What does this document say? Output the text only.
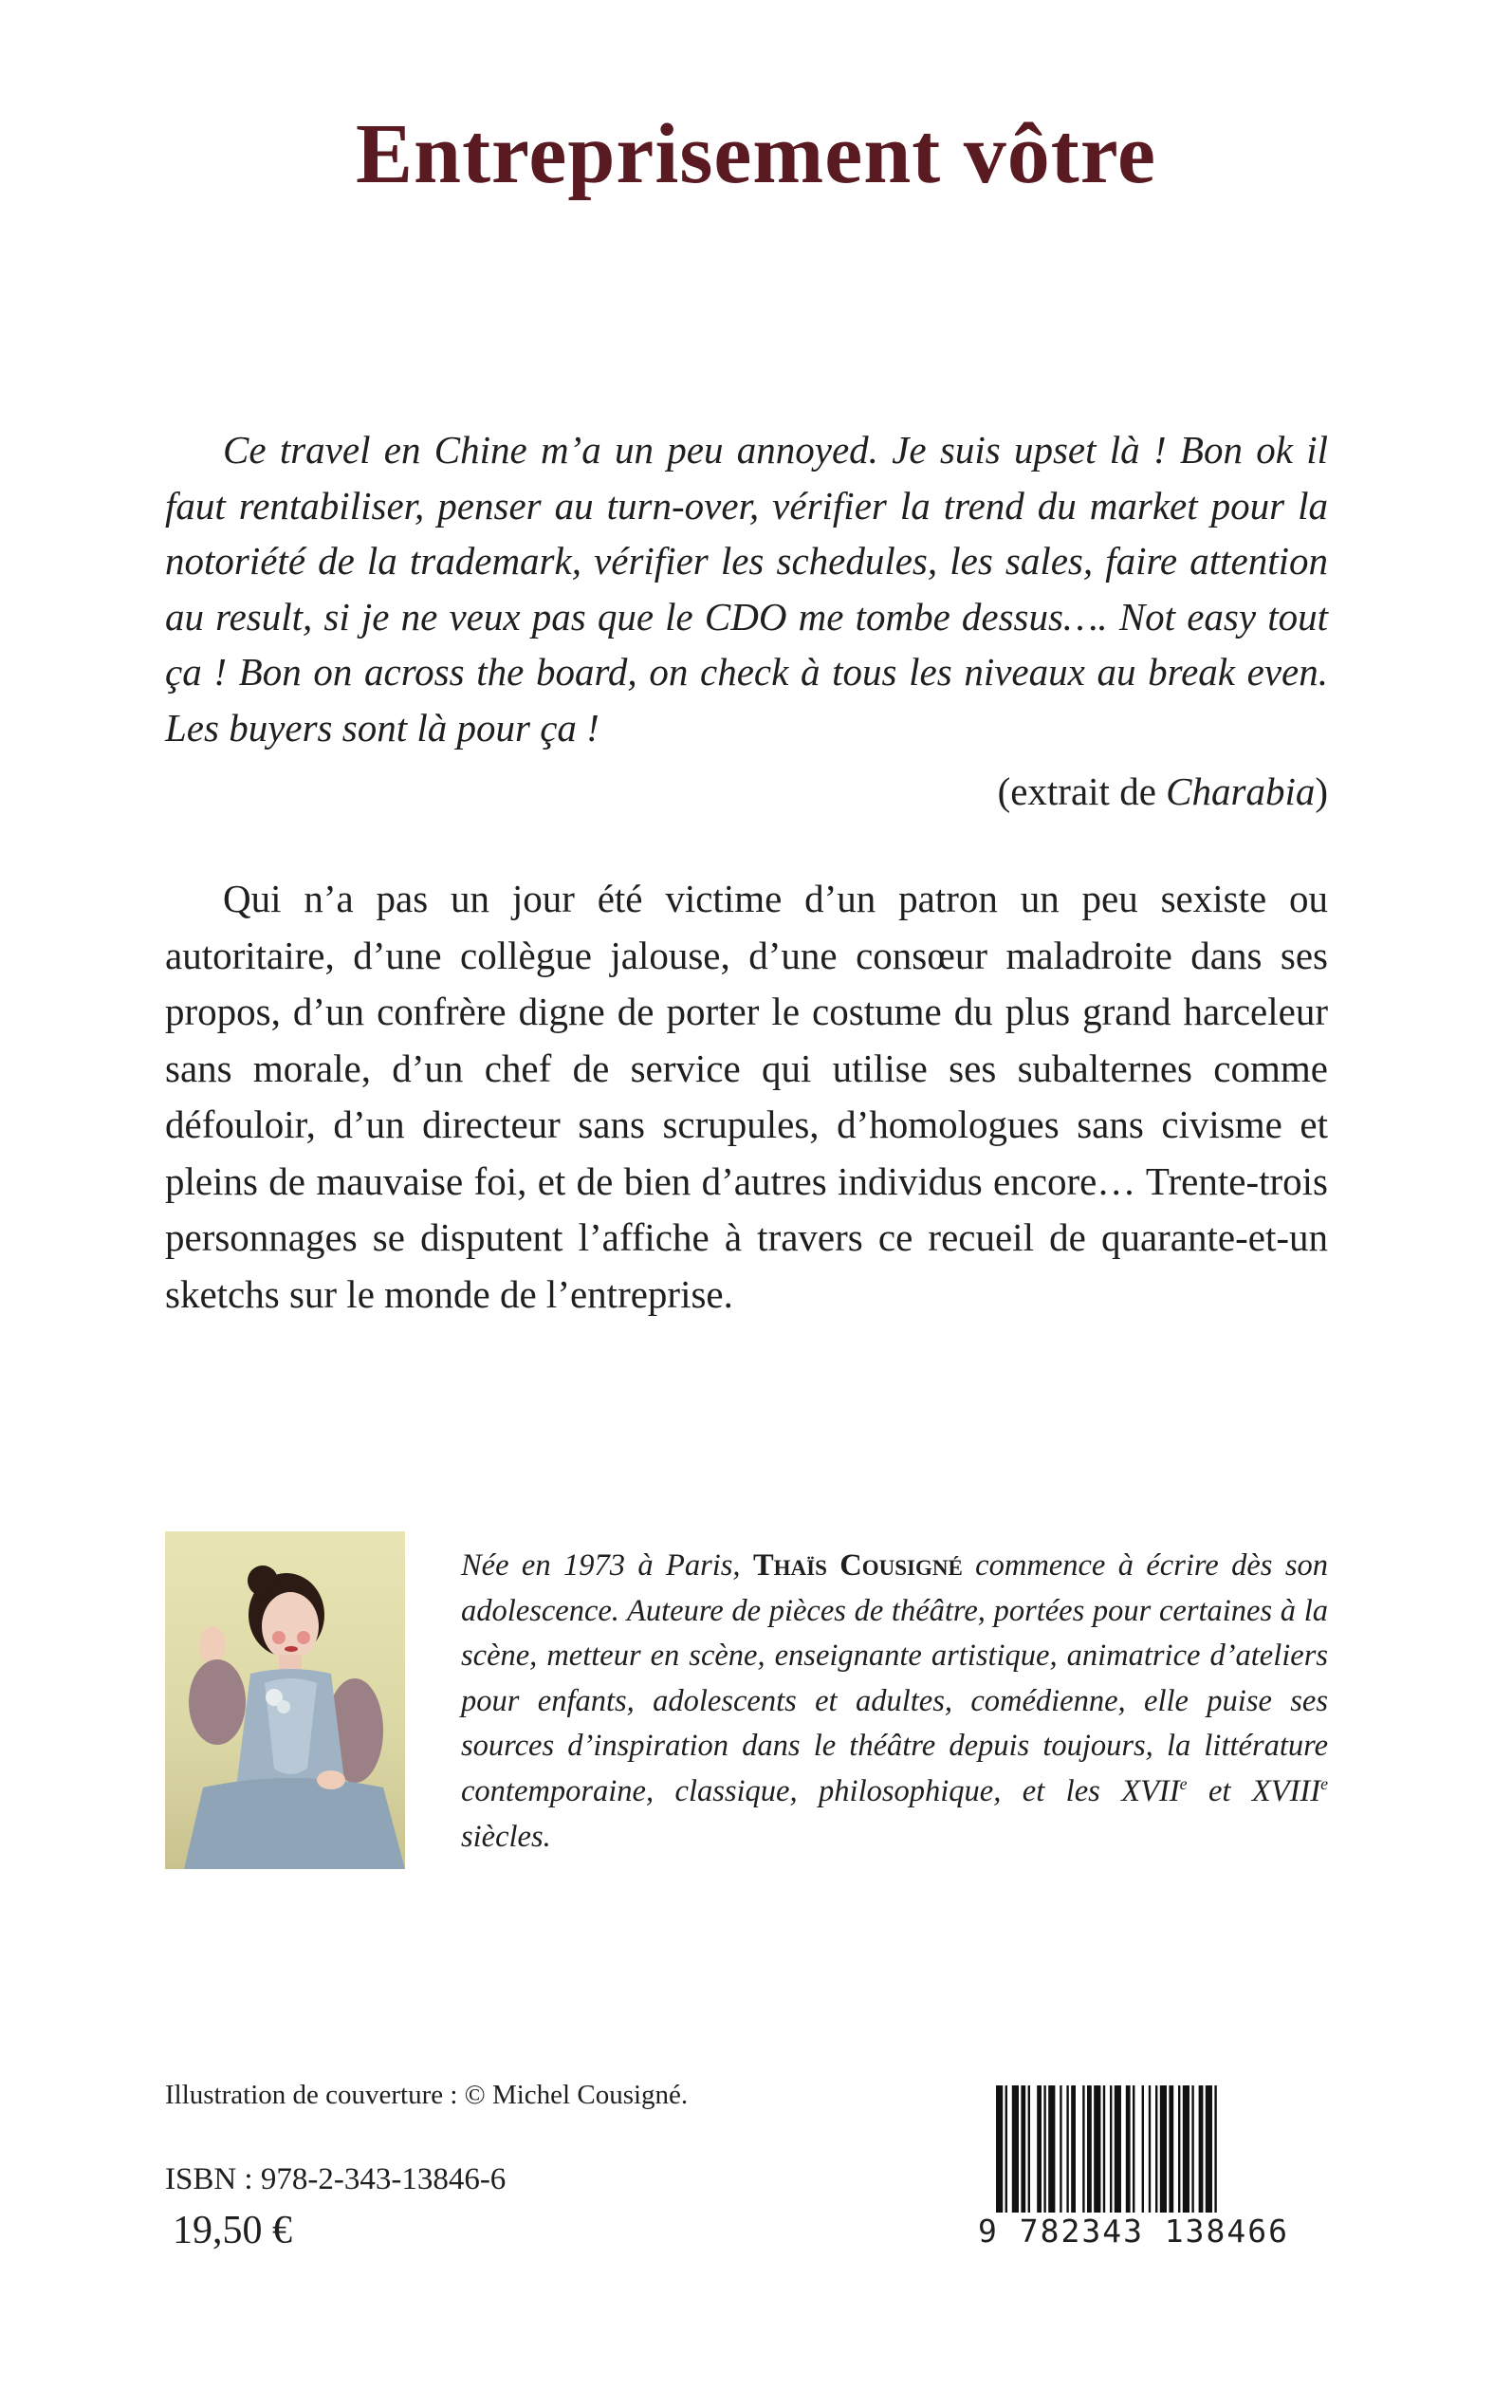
Entreprisement vôtre

Ce travel en Chine m’a un peu annoyed. Je suis upset là ! Bon ok il faut rentabiliser, penser au turn-over, vérifier la trend du market pour la notoriété de la trademark, vérifier les schedules, les sales, faire attention au result, si je ne veux pas que le CDO me tombe dessus…. Not easy tout ça ! Bon on across the board, on check à tous les niveaux au break even. Les buyers sont là pour ça !

(extrait de Charabia)

Qui n’a pas un jour été victime d’un patron un peu sexiste ou autoritaire, d’une collègue jalouse, d’une consœur maladroite dans ses propos, d’un confrère digne de porter le costume du plus grand harceleur sans morale, d’un chef de service qui utilise ses subalternes comme défouloir, d’un directeur sans scrupules, d’homologues sans civisme et pleins de mauvaise foi, et de bien d’autres individus encore… Trente-trois personnages se disputent l’affiche à travers ce recueil de quarante-et-un sketchs sur le monde de l’entreprise.

Née en 1973 à Paris, Thaïs Cousigné commence à écrire dès son adolescence. Auteure de pièces de théâtre, portées pour certaines à la scène, metteur en scène, enseignante artistique, animatrice d’ateliers pour enfants, adolescents et adultes, comédienne, elle puise ses sources d’inspiration dans le théâtre depuis toujours, la littérature contemporaine, classique, philosophique, et les XVIIe et XVIIIe siècles.

Illustration de couverture : © Michel Cousigné.
ISBN : 978-2-343-13846-6
19,50 €	9 782343 138466
